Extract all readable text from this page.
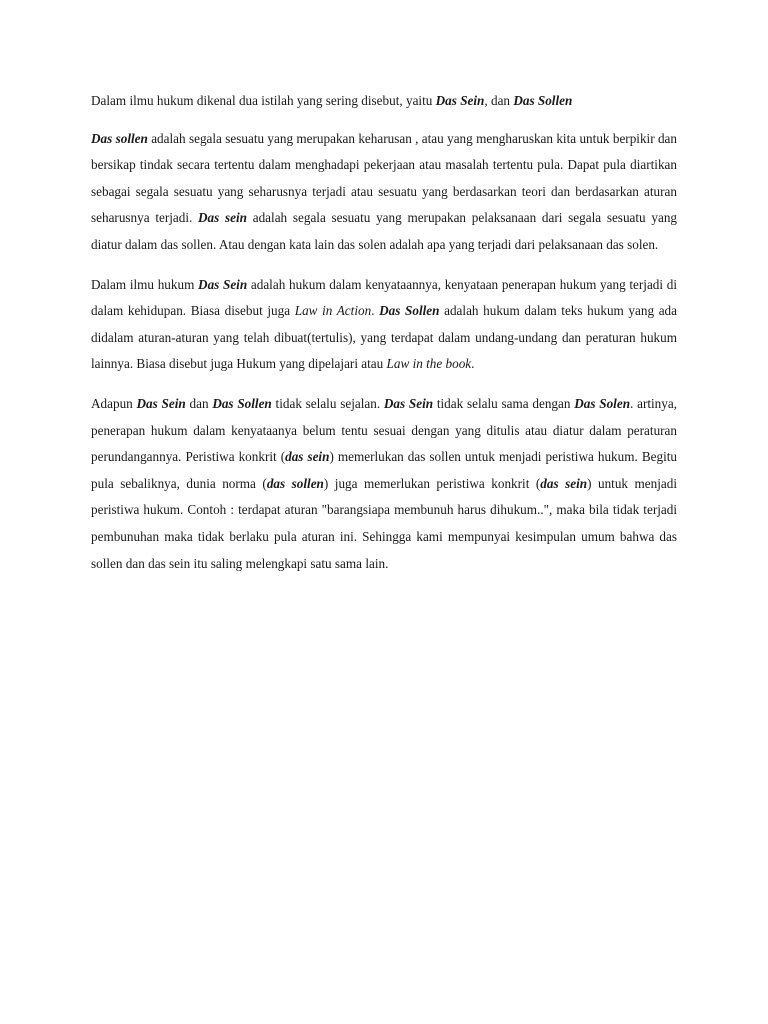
Dalam ilmu hukum dikenal dua istilah yang sering disebut, yaitu Das Sein, dan Das Sollen

Das sollen adalah segala sesuatu yang merupakan keharusan , atau yang mengharuskan kita untuk berpikir dan bersikap tindak secara tertentu dalam menghadapi pekerjaan atau masalah tertentu pula. Dapat pula diartikan sebagai segala sesuatu yang seharusnya terjadi atau sesuatu yang berdasarkan teori dan berdasarkan aturan seharusnya terjadi. Das sein adalah segala sesuatu yang merupakan pelaksanaan dari segala sesuatu yang diatur dalam das sollen. Atau dengan kata lain das solen adalah apa yang terjadi dari pelaksanaan das solen.

Dalam ilmu hukum Das Sein adalah hukum dalam kenyataannya, kenyataan penerapan hukum yang terjadi di dalam kehidupan. Biasa disebut juga Law in Action. Das Sollen adalah hukum dalam teks hukum yang ada didalam aturan-aturan yang telah dibuat(tertulis), yang terdapat dalam undang-undang dan peraturan hukum lainnya. Biasa disebut juga Hukum yang dipelajari atau Law in the book.

Adapun Das Sein dan Das Sollen tidak selalu sejalan. Das Sein tidak selalu sama dengan Das Solen. artinya, penerapan hukum dalam kenyataanya belum tentu sesuai dengan yang ditulis atau diatur dalam peraturan perundangannya. Peristiwa konkrit (das sein) memerlukan das sollen untuk menjadi peristiwa hukum. Begitu pula sebaliknya, dunia norma (das sollen) juga memerlukan peristiwa konkrit (das sein) untuk menjadi peristiwa hukum. Contoh : terdapat aturan "barangsiapa membunuh harus dihukum..", maka bila tidak terjadi pembunuhan maka tidak berlaku pula aturan ini. Sehingga kami mempunyai kesimpulan umum bahwa das sollen dan das sein itu saling melengkapi satu sama lain.
